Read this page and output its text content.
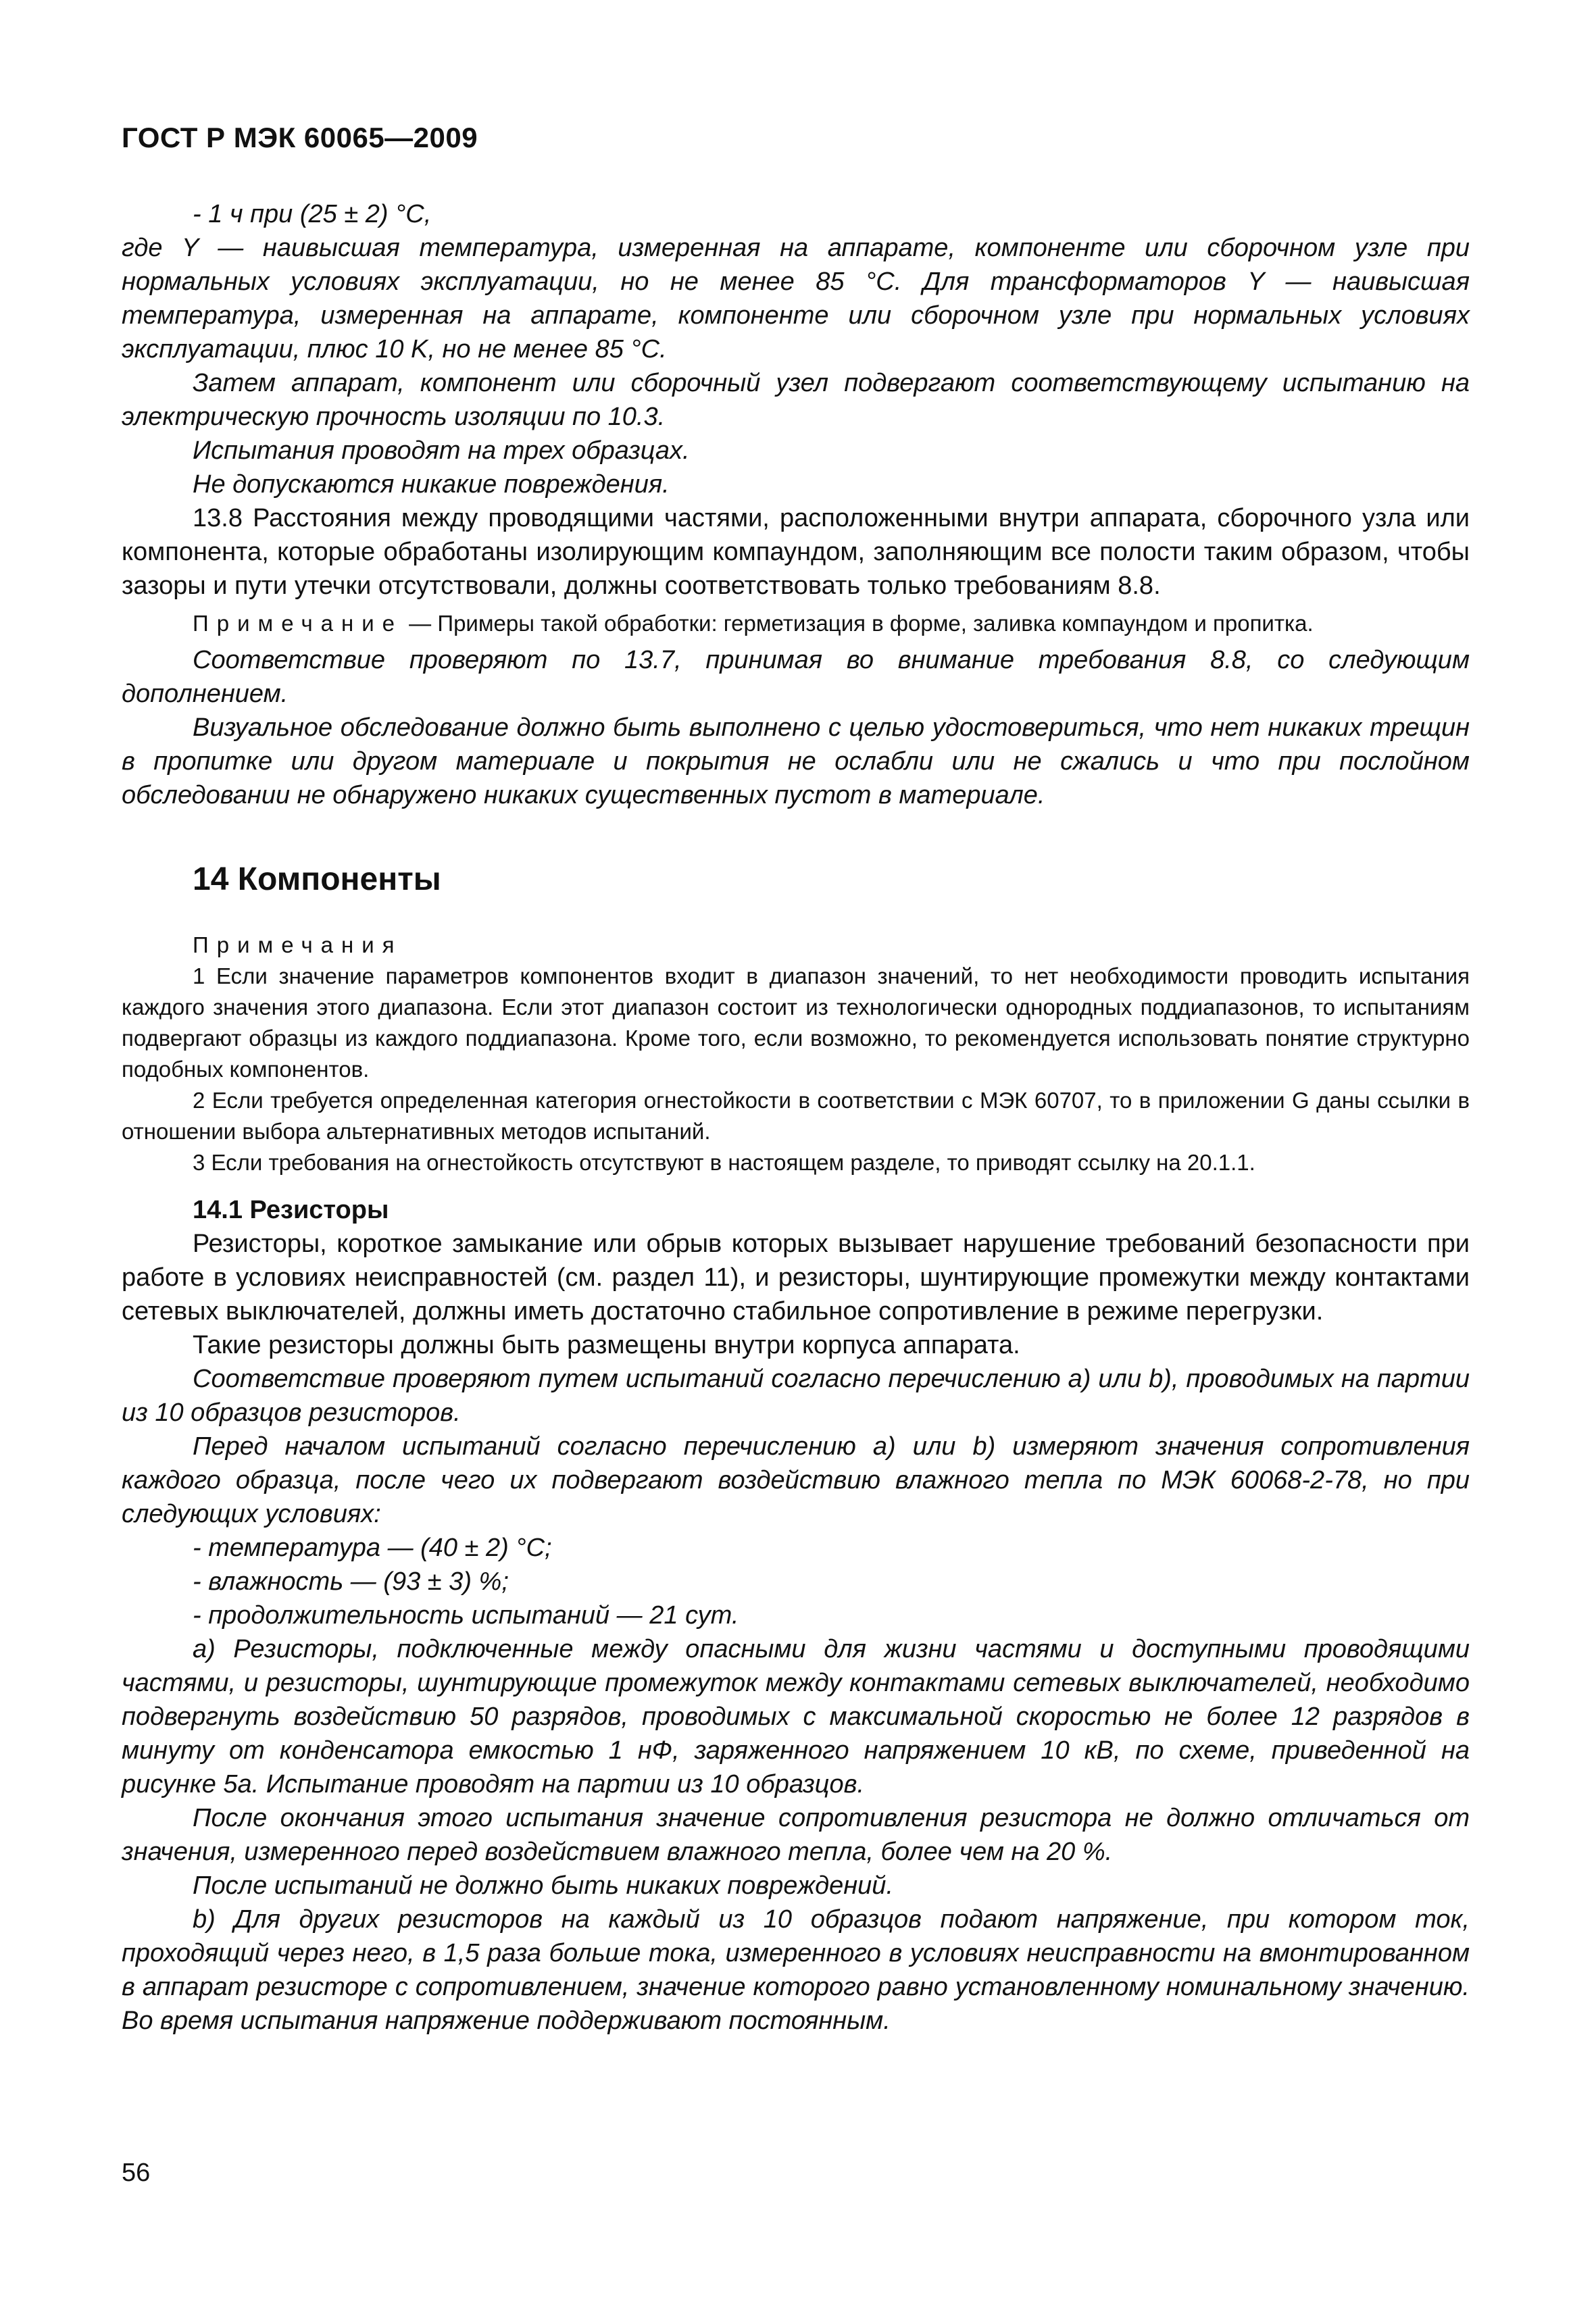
ГОСТ Р МЭК 60065—2009

- 1 ч при (25 ± 2) °С,

где Y — наивысшая температура, измеренная на аппарате, компоненте или сборочном узле при нормальных условиях эксплуатации, но не менее 85 °С. Для трансформаторов Y — наивысшая температура, измеренная на аппарате, компоненте или сборочном узле при нормальных условиях эксплуатации, плюс 10 K, но не менее 85 °С.

Затем аппарат, компонент или сборочный узел подвергают соответствующему испытанию на электрическую прочность изоляции по 10.3.

Испытания проводят на трех образцах.

Не допускаются никакие повреждения.

13.8 Расстояния между проводящими частями, расположенными внутри аппарата, сборочного узла или компонента, которые обработаны изолирующим компаундом, заполняющим все полости таким образом, чтобы зазоры и пути утечки отсутствовали, должны соответствовать только требованиям 8.8.

Примечание — Примеры такой обработки: герметизация в форме, заливка компаундом и пропитка.

Соответствие проверяют по 13.7, принимая во внимание требования 8.8, со следующим дополнением.

Визуальное обследование должно быть выполнено с целью удостовериться, что нет никаких трещин в пропитке или другом материале и покрытия не ослабли или не сжались и что при послойном обследовании не обнаружено никаких существенных пустот в материале.

14 Компоненты

Примечания

1 Если значение параметров компонентов входит в диапазон значений, то нет необходимости проводить испытания каждого значения этого диапазона. Если этот диапазон состоит из технологически однородных поддиапазонов, то испытаниям подвергают образцы из каждого поддиапазона. Кроме того, если возможно, то рекомендуется использовать понятие структурно подобных компонентов.

2 Если требуется определенная категория огнестойкости в соответствии с МЭК 60707, то в приложении G даны ссылки в отношении выбора альтернативных методов испытаний.

3 Если требования на огнестойкость отсутствуют в настоящем разделе, то приводят ссылку на 20.1.1.

14.1 Резисторы

Резисторы, короткое замыкание или обрыв которых вызывает нарушение требований безопасности при работе в условиях неисправностей (см. раздел 11), и резисторы, шунтирующие промежутки между контактами сетевых выключателей, должны иметь достаточно стабильное сопротивление в режиме перегрузки.

Такие резисторы должны быть размещены внутри корпуса аппарата.

Соответствие проверяют путем испытаний согласно перечислению а) или b), проводимых на партии из 10 образцов резисторов.

Перед началом испытаний согласно перечислению а) или b) измеряют значения сопротивления каждого образца, после чего их подвергают воздействию влажного тепла по МЭК 60068-2-78, но при следующих условиях:

- температура — (40 ± 2) °С;

- влажность — (93 ± 3) %;

- продолжительность испытаний — 21 сут.

а) Резисторы, подключенные между опасными для жизни частями и доступными проводящими частями, и резисторы, шунтирующие промежуток между контактами сетевых выключателей, необходимо подвергнуть воздействию 50 разрядов, проводимых с максимальной скоростью не более 12 разрядов в минуту от конденсатора емкостью 1 нФ, заряженного напряжением 10 кВ, по схеме, приведенной на рисунке 5а. Испытание проводят на партии из 10 образцов.

После окончания этого испытания значение сопротивления резистора не должно отличаться от значения, измеренного перед воздействием влажного тепла, более чем на 20 %.

После испытаний не должно быть никаких повреждений.

b) Для других резисторов на каждый из 10 образцов подают напряжение, при котором ток, проходящий через него, в 1,5 раза больше тока, измеренного в условиях неисправности на вмонтированном в аппарат резисторе с сопротивлением, значение которого равно установленному номинальному значению. Во время испытания напряжение поддерживают постоянным.

56
